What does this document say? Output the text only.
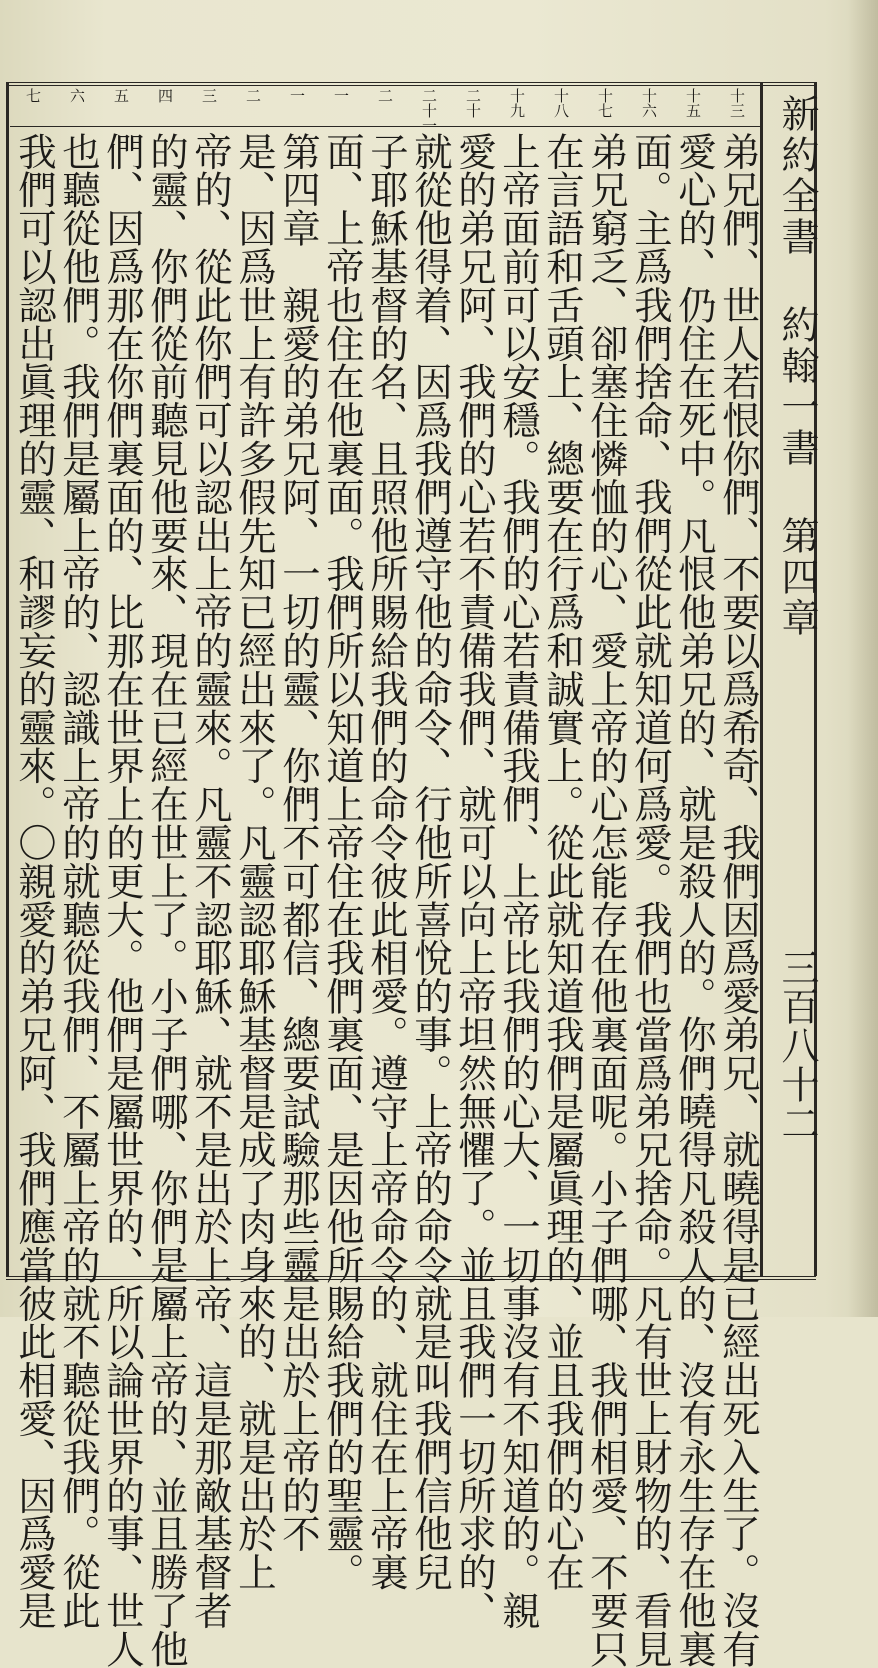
新約全書 約翰一書 第四章
三百八十二
十三
十五
十六
十七
十八
十九
二十
二十一
二
一
一
二
三
四
五
六
七
弟兄們、世人若恨你們、不要以爲希奇、我們因爲愛弟兄、就曉得是已經出死入生了。沒有
愛心的、仍住在死中。凡恨他弟兄的、就是殺人的。你們曉得凡殺人的、沒有永生存在他裏
面。主爲我們捨命、我們從此就知道何爲愛。我們也當爲弟兄捨命。凡有世上財物的、看見
弟兄窮乏、卻塞住憐恤的心、愛上帝的心怎能存在他裏面呢。小子們哪、我們相愛、不要只
在言語和舌頭上、總要在行爲和誠實上。從此就知道我們是屬眞理的、並且我們的心在
上帝面前可以安穩。我們的心若責備我們、上帝比我們的心大、一切事沒有不知道的。親
愛的弟兄阿、我們的心若不責備我們、就可以向上帝坦然無懼了。並且我們一切所求的、
就從他得着、因爲我們遵守他的命令、行他所喜悅的事。上帝的命令就是叫我們信他兒
子耶穌基督的名、且照他所賜給我們的命令彼此相愛。遵守上帝命令的、就住在上帝裏
面、上帝也住在他裏面。我們所以知道上帝住在我們裏面、是因他所賜給我們的聖靈。
第四章　親愛的弟兄阿、一切的靈、你們不可都信、總要試驗那些靈是出於上帝的不
是、因爲世上有許多假先知已經出來了。凡靈認耶穌基督是成了肉身來的、就是出於上
帝的、從此你們可以認出上帝的靈來。凡靈不認耶穌、就不是出於上帝、這是那敵基督者
的靈、你們從前聽見他要來、現在已經在世上了。小子們哪、你們是屬上帝的、並且勝了他
們、因爲那在你們裏面的、比那在世界上的更大。他們是屬世界的、所以論世界的事、世人
也聽從他們。我們是屬上帝的、認識上帝的就聽從我們、不屬上帝的就不聽從我們。從此
我們可以認出眞理的靈、和謬妄的靈來。〇親愛的弟兄阿、我們應當彼此相愛、因爲愛是
